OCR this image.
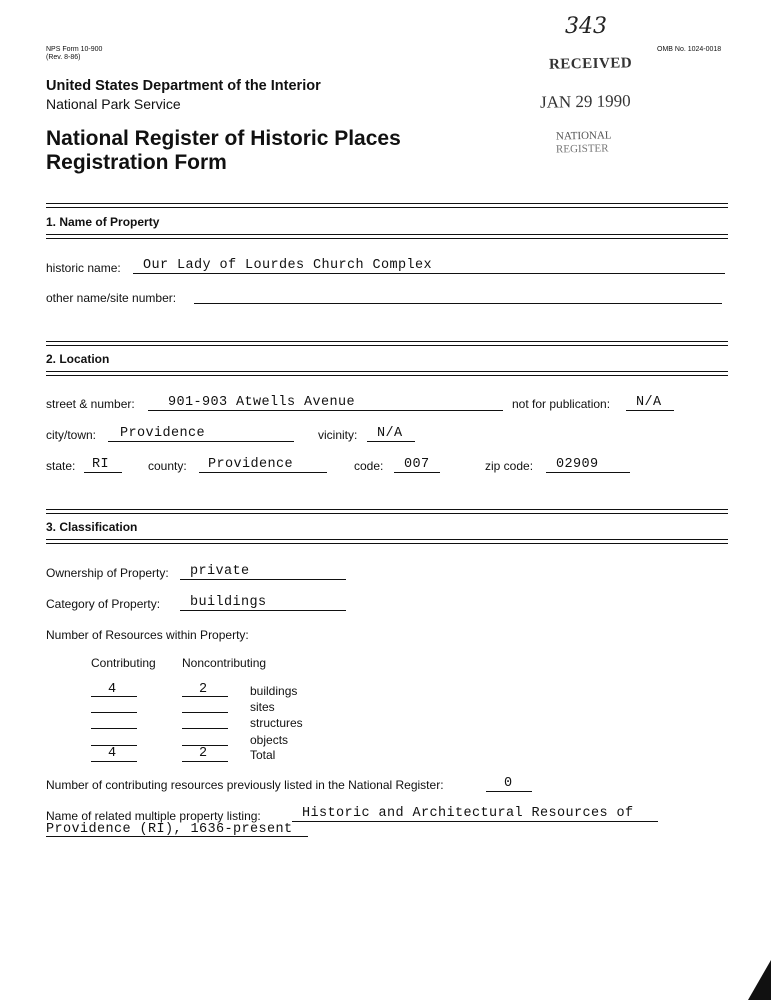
NPS Form 10-900
(Rev. 8-86)
OMB No. 1024-0018
United States Department of the Interior
National Park Service
National Register of Historic Places
Registration Form
343
RECEIVED
JAN 29 1990
NATIONAL
REGISTER
1. Name of Property
historic name: Our Lady of Lourdes Church Complex
other name/site number:
2. Location
street & number: 901-903 Atwells Avenue	not for publication: N/A
city/town: Providence	vicinity: N/A
state: RI	county: Providence	code: 007	zip code: 02909
3. Classification
Ownership of Property: private
Category of Property: buildings
Number of Resources within Property:
Contributing Noncontributing
4	2	buildings
sites
structures
objects
4	2	Total
Number of contributing resources previously listed in the National Register:	0
Name of related multiple property listing:	Historic and Architectural Resources of
Providence (RI), 1636-present
